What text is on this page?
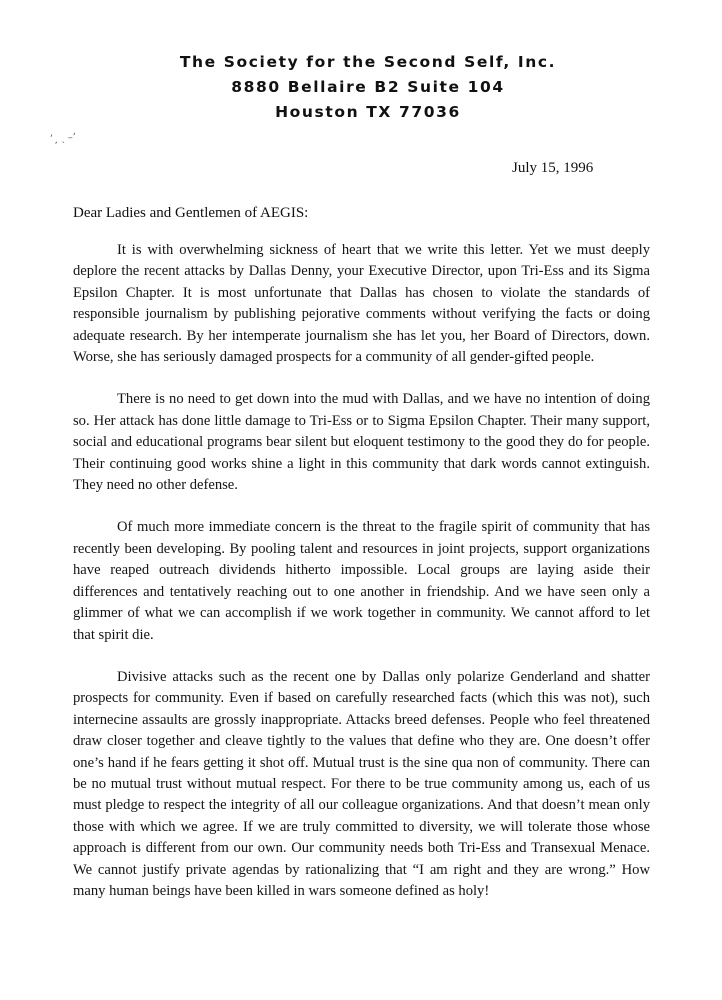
The Society for the Second Self, Inc.
8880 Bellaire B2 Suite 104
Houston TX 77036
’¸ ˏ –’
July 15, 1996
Dear Ladies and Gentlemen of AEGIS:

It is with overwhelming sickness of heart that we write this letter. Yet we must deeply deplore the recent attacks by Dallas Denny, your Executive Director, upon Tri-Ess and its Sigma Epsilon Chapter. It is most unfortunate that Dallas has chosen to violate the standards of responsible journalism by publishing pejorative comments without verifying the facts or doing adequate research. By her intemperate journalism she has let you, her Board of Directors, down. Worse, she has seriously damaged prospects for a community of all gender-gifted people.

There is no need to get down into the mud with Dallas, and we have no intention of doing so. Her attack has done little damage to Tri-Ess or to Sigma Epsilon Chapter. Their many support, social and educational programs bear silent but eloquent testimony to the good they do for people. Their continuing good works shine a light in this community that dark words cannot extinguish. They need no other defense.

Of much more immediate concern is the threat to the fragile spirit of community that has recently been developing. By pooling talent and resources in joint projects, support organizations have reaped outreach dividends hitherto impossible. Local groups are laying aside their differences and tentatively reaching out to one another in friendship. And we have seen only a glimmer of what we can accomplish if we work together in community. We cannot afford to let that spirit die.

Divisive attacks such as the recent one by Dallas only polarize Genderland and shatter prospects for community. Even if based on carefully researched facts (which this was not), such internecine assaults are grossly inappropriate. Attacks breed defenses. People who feel threatened draw closer together and cleave tightly to the values that define who they are. One doesn’t offer one’s hand if he fears getting it shot off. Mutual trust is the sine qua non of community. There can be no mutual trust without mutual respect. For there to be true community among us, each of us must pledge to respect the integrity of all our colleague organizations. And that doesn’t mean only those with which we agree. If we are truly committed to diversity, we will tolerate those whose approach is different from our own. Our community needs both Tri-Ess and Transexual Menace. We cannot justify private agendas by rationalizing that “I am right and they are wrong.” How many human beings have been killed in wars someone defined as holy!
